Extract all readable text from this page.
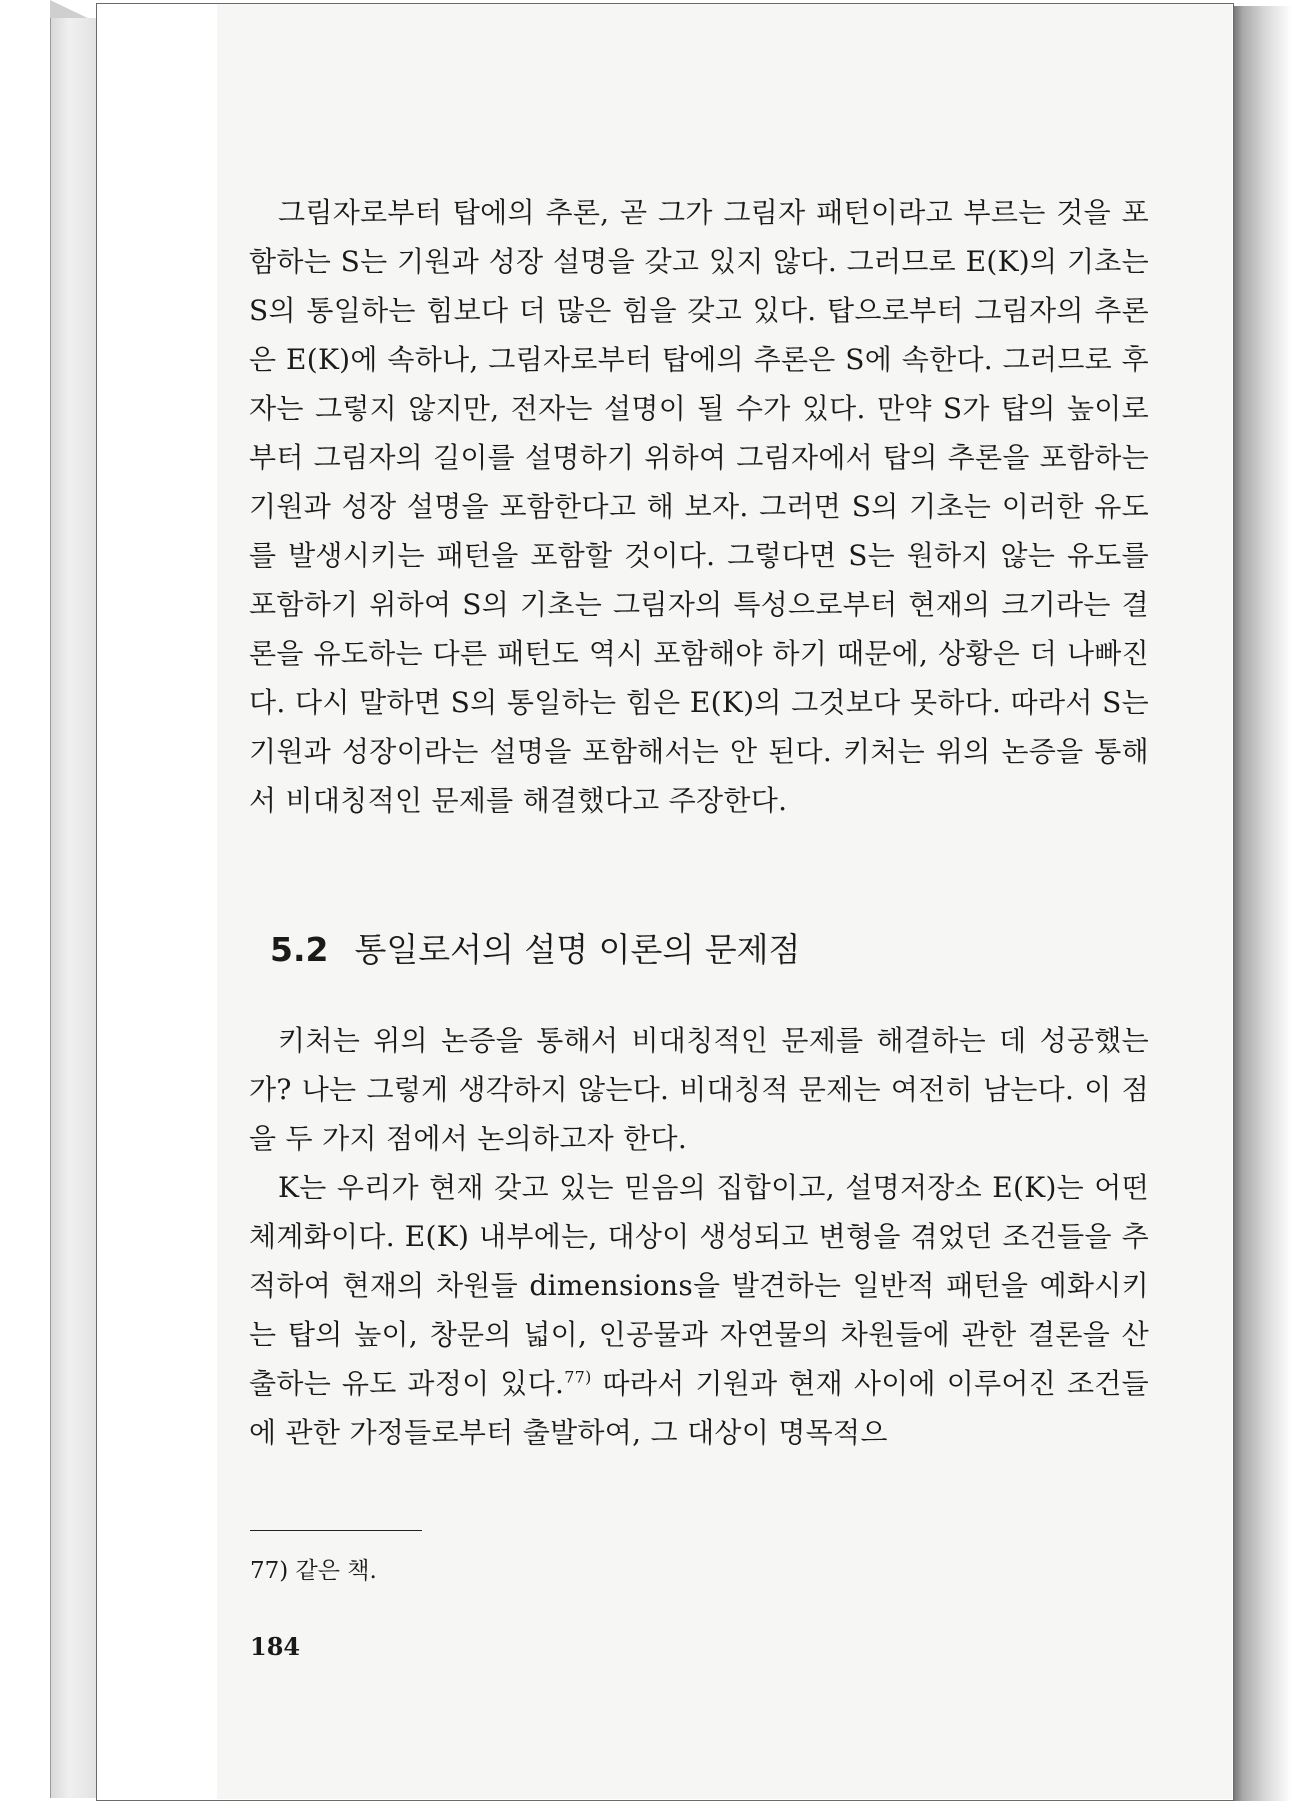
그림자로부터 탑에의 추론, 곧 그가 그림자 패턴이라고 부르는 것을 포함하는 S는 기원과 성장 설명을 갖고 있지 않다. 그러므로 E(K)의 기초는 S의 통일하는 힘보다 더 많은 힘을 갖고 있다. 탑으로부터 그림자의 추론은 E(K)에 속하나, 그림자로부터 탑에의 추론은 S에 속한다. 그러므로 후자는 그렇지 않지만, 전자는 설명이 될 수가 있다. 만약 S가 탑의 높이로부터 그림자의 길이를 설명하기 위하여 그림자에서 탑의 추론을 포함하는 기원과 성장 설명을 포함한다고 해 보자. 그러면 S의 기초는 이러한 유도를 발생시키는 패턴을 포함할 것이다. 그렇다면 S는 원하지 않는 유도를 포함하기 위하여 S의 기초는 그림자의 특성으로부터 현재의 크기라는 결론을 유도하는 다른 패턴도 역시 포함해야 하기 때문에, 상황은 더 나빠진다. 다시 말하면 S의 통일하는 힘은 E(K)의 그것보다 못하다. 따라서 S는 기원과 성장이라는 설명을 포함해서는 안 된다. 키처는 위의 논증을 통해서 비대칭적인 문제를 해결했다고 주장한다.

5.2 통일로서의 설명 이론의 문제점

키처는 위의 논증을 통해서 비대칭적인 문제를 해결하는 데 성공했는가? 나는 그렇게 생각하지 않는다. 비대칭적 문제는 여전히 남는다. 이 점을 두 가지 점에서 논의하고자 한다.

K는 우리가 현재 갖고 있는 믿음의 집합이고, 설명저장소 E(K)는 어떤 체계화이다. E(K) 내부에는, 대상이 생성되고 변형을 겪었던 조건들을 추적하여 현재의 차원들 dimensions을 발견하는 일반적 패턴을 예화시키는 탑의 높이, 창문의 넓이, 인공물과 자연물의 차원들에 관한 결론을 산출하는 유도 과정이 있다.$^{77)}$ 따라서 기원과 현재 사이에 이루어진 조건들에 관한 가정들로부터 출발하여, 그 대상이 명목적으

77) 같은 책.
184
